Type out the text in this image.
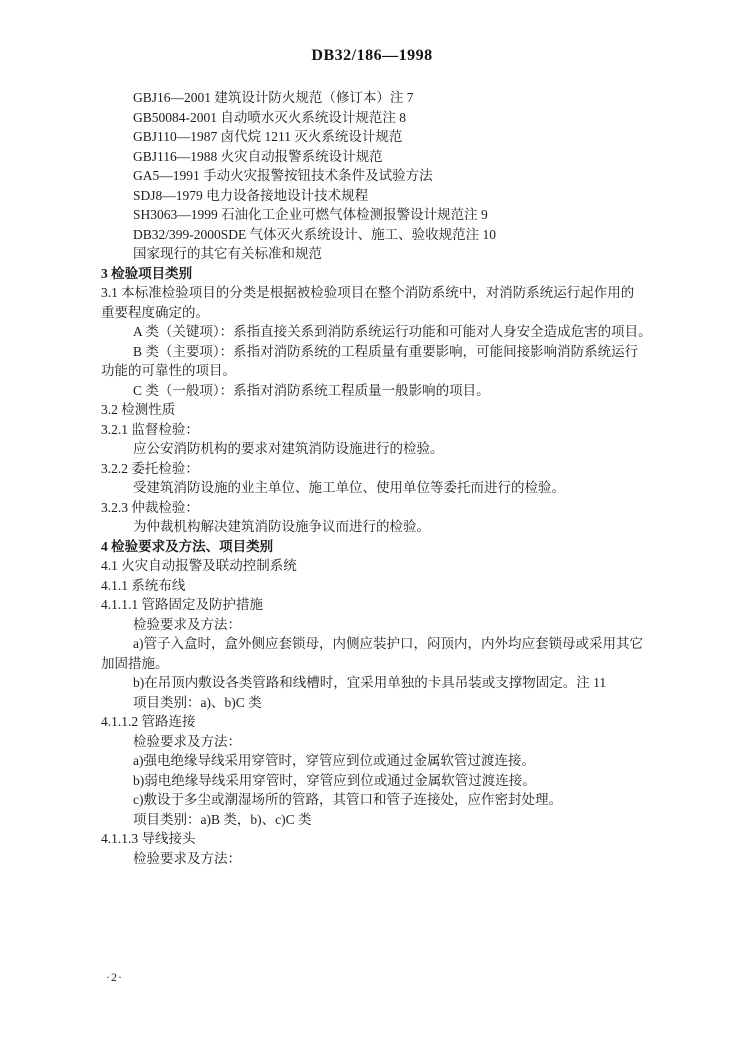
DB32/186—1998
GBJ16—2001 建筑设计防火规范（修订本）注 7
GB50084-2001 自动喷水灭火系统设计规范注 8
GBJ110—1987 卤代烷 1211 灭火系统设计规范
GBJ116—1988 火灾自动报警系统设计规范
GA5—1991 手动火灾报警按钮技术条件及试验方法
SDJ8—1979 电力设备接地设计技术规程
SH3063—1999 石油化工企业可燃气体检测报警设计规范注 9
DB32/399-2000SDE 气体灭火系统设计、施工、验收规范注 10
国家现行的其它有关标准和规范
3 检验项目类别
3.1 本标准检验项目的分类是根据被检验项目在整个消防系统中，对消防系统运行起作用的
重要程度确定的。
A 类（关键项）：系指直接关系到消防系统运行功能和可能对人身安全造成危害的项目。
B 类（主要项）：系指对消防系统的工程质量有重要影响，可能间接影响消防系统运行
功能的可靠性的项目。
C 类（一般项）：系指对消防系统工程质量一般影响的项目。
3.2 检测性质
3.2.1 监督检验：
应公安消防机构的要求对建筑消防设施进行的检验。
3.2.2 委托检验：
受建筑消防设施的业主单位、施工单位、使用单位等委托而进行的检验。
3.2.3 仲裁检验：
为仲裁机构解决建筑消防设施争议而进行的检验。
4 检验要求及方法、项目类别
4.1 火灾自动报警及联动控制系统
4.1.1 系统布线
4.1.1.1 管路固定及防护措施
检验要求及方法：
a)管子入盒时，盒外侧应套锁母，内侧应装护口，闷顶内，内外均应套锁母或采用其它
加固措施。
b)在吊顶内敷设各类管路和线槽时，宜采用单独的卡具吊装或支撑物固定。注 11
项目类别：a)、b)C 类
4.1.1.2 管路连接
检验要求及方法：
a)强电绝缘导线采用穿管时，穿管应到位或通过金属软管过渡连接。
b)弱电绝缘导线采用穿管时，穿管应到位或通过金属软管过渡连接。
c)敷设于多尘或潮湿场所的管路，其管口和管子连接处，应作密封处理。
项目类别：a)B 类，b)、c)C 类
4.1.1.3 导线接头
检验要求及方法：
·2·
